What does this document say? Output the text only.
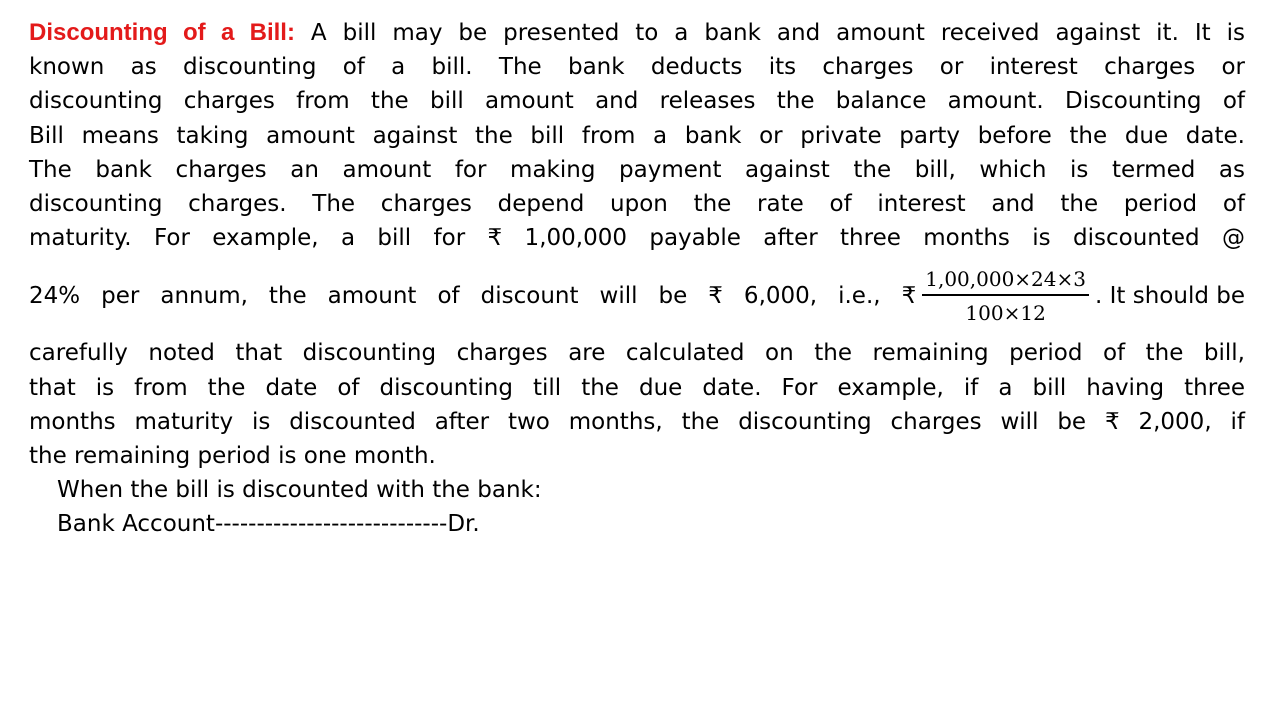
Discounting of a Bill: A bill may be presented to a bank and amount received against it. It is
known as discounting of a bill. The bank deducts its charges or interest charges or
discounting charges from the bill amount and releases the balance amount. Discounting of
Bill means taking amount against the bill from a bank or private party before the due date.
The bank charges an amount for making payment against the bill, which is termed as
discounting charges. The charges depend upon the rate of interest and the period of
maturity. For example, a bill for ₹ 1,00,000 payable after three months is discounted @
24% per annum, the amount of discount will be ₹ 6,000, i.e., ₹ $\frac{1,00,000\times 24\times 3}{100\times 12}$ . It should be
carefully noted that discounting charges are calculated on the remaining period of the bill,
that is from the date of discounting till the due date. For example, if a bill having three
months maturity is discounted after two months, the discounting charges will be ₹ 2,000, if
the remaining period is one month.
When the bill is discounted with the bank:
Bank Account----------------------------Dr.
